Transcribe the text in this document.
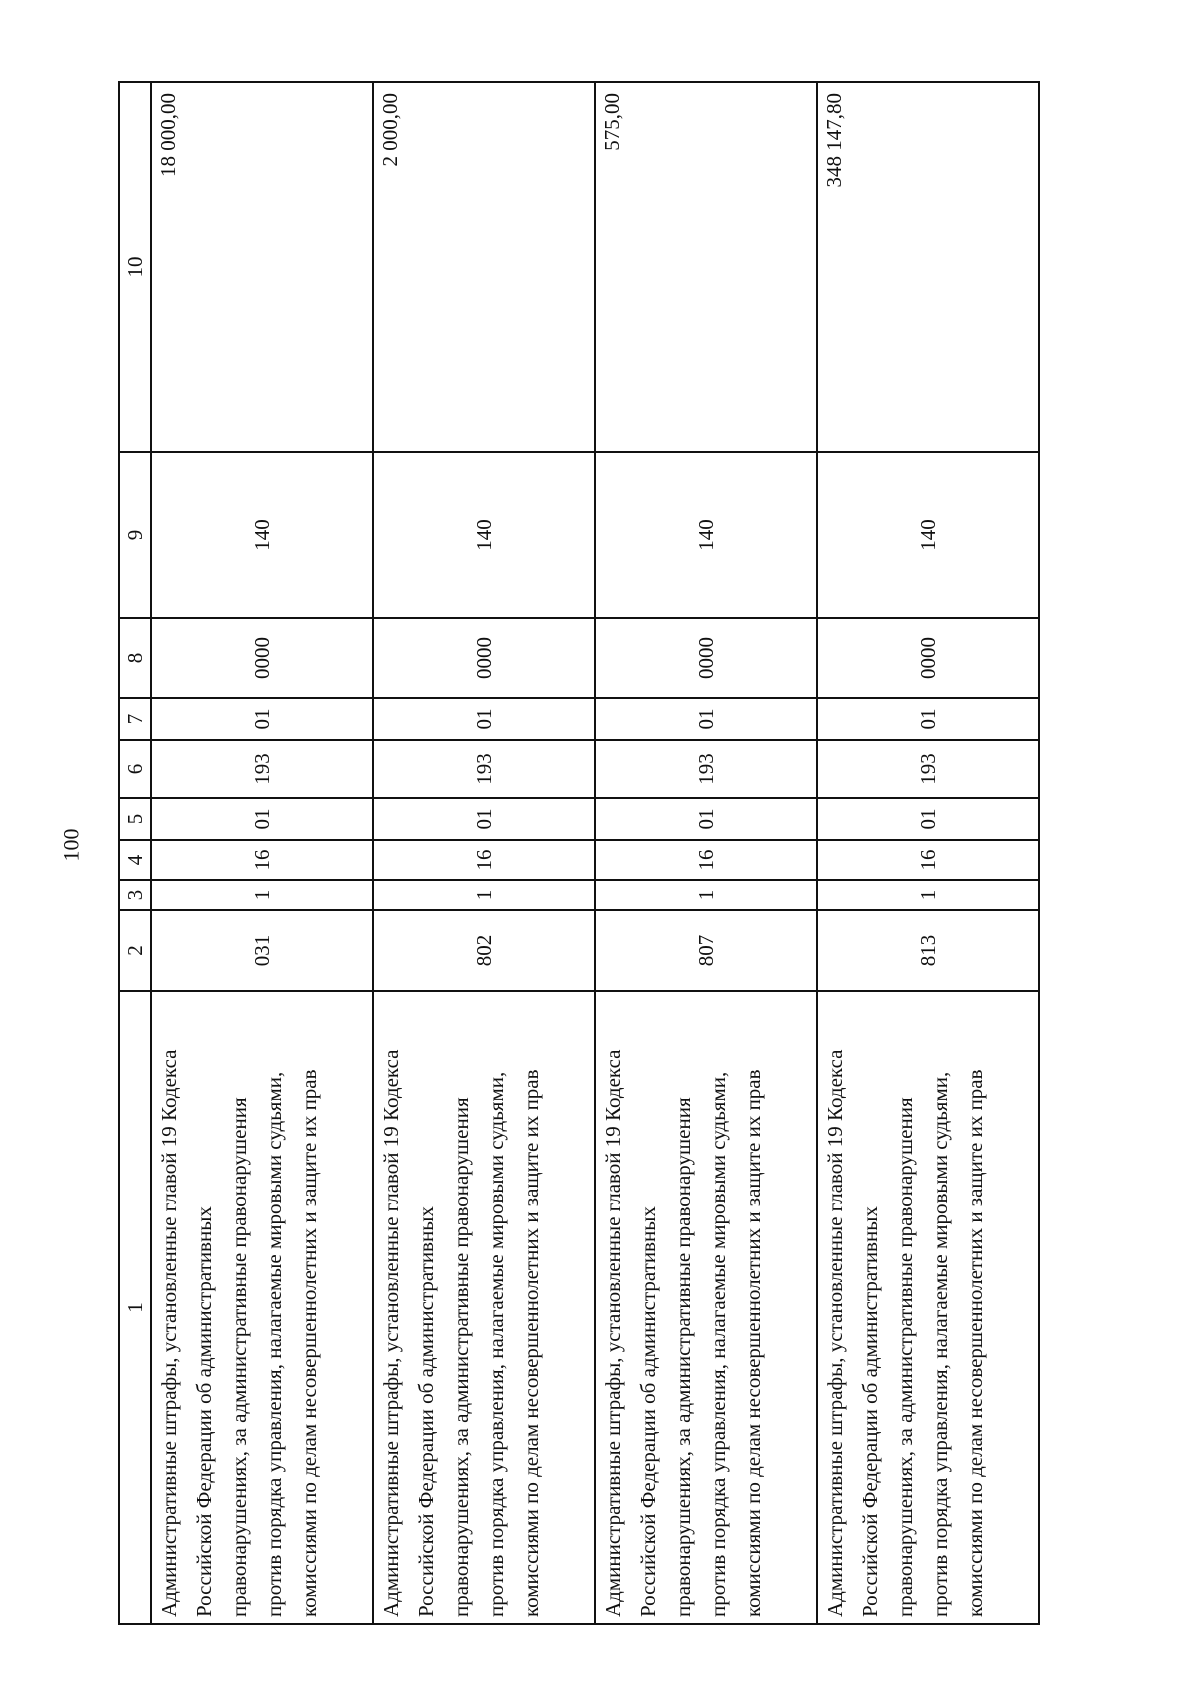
100
1	2	3	4	5	6	7	8	9	10

Административные штрафы, установленные главой 19 Кодекса Российской Федерации об административных правонарушениях, за административные правонарушения против порядка управления, налагаемые мировыми судьями, комиссиями по делам несовершеннолетних и защите их прав	031	1	16	01	193	01	0000	140	18 000,00

Административные штрафы, установленные главой 19 Кодекса Российской Федерации об административных правонарушениях, за административные правонарушения против порядка управления, налагаемые мировыми судьями, комиссиями по делам несовершеннолетних и защите их прав	802	1	16	01	193	01	0000	140	2 000,00

Административные штрафы, установленные главой 19 Кодекса Российской Федерации об административных правонарушениях, за административные правонарушения против порядка управления, налагаемые мировыми судьями, комиссиями по делам несовершеннолетних и защите их прав	807	1	16	01	193	01	0000	140	575,00

Административные штрафы, установленные главой 19 Кодекса Российской Федерации об административных правонарушениях, за административные правонарушения против порядка управления, налагаемые мировыми судьями, комиссиями по делам несовершеннолетних и защите их прав	813	1	16	01	193	01	0000	140	348 147,80
